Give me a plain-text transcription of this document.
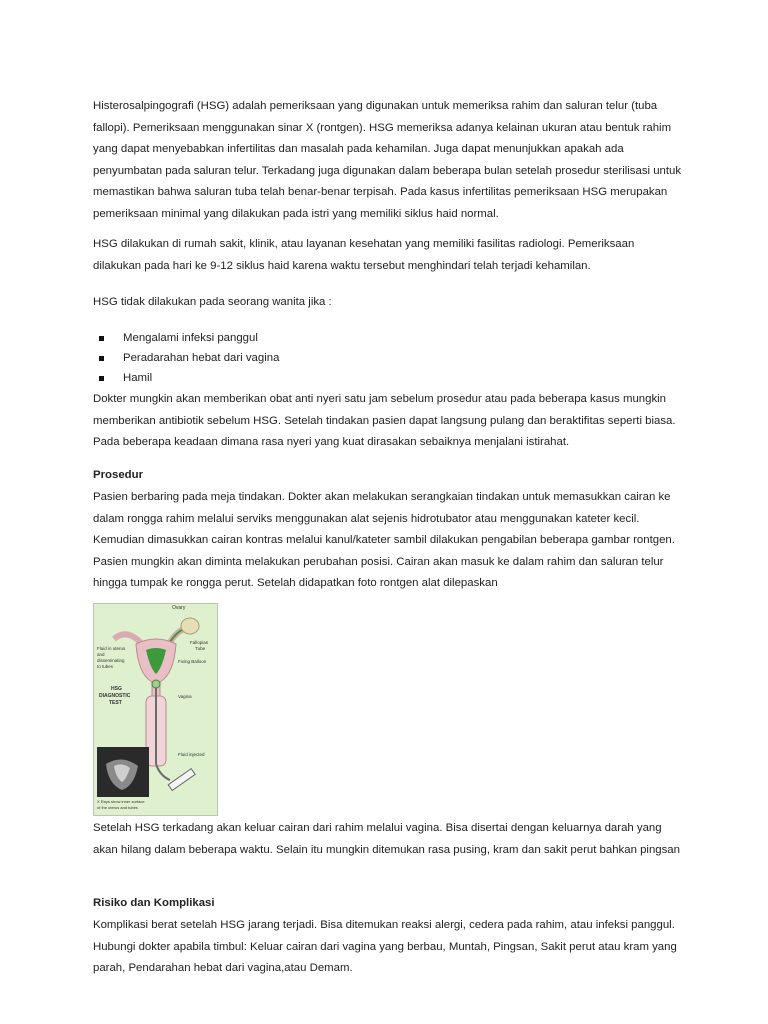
Histerosalpingografi (HSG) adalah pemeriksaan yang digunakan untuk memeriksa rahim dan saluran telur (tuba fallopi). Pemeriksaan menggunakan sinar X (rontgen). HSG memeriksa adanya kelainan ukuran atau bentuk rahim yang dapat menyebabkan infertilitas dan masalah pada kehamilan. Juga dapat menunjukkan apakah ada penyumbatan pada saluran telur. Terkadang juga digunakan dalam beberapa bulan setelah prosedur sterilisasi untuk memastikan bahwa saluran tuba telah benar-benar terpisah. Pada kasus infertilitas pemeriksaan HSG merupakan pemeriksaan minimal yang dilakukan pada istri yang memiliki siklus haid normal.

HSG dilakukan di rumah sakit, klinik, atau layanan kesehatan yang memiliki fasilitas radiologi. Pemeriksaan dilakukan pada hari ke 9-12 siklus haid karena waktu tersebut menghindari telah terjadi kehamilan.

HSG tidak dilakukan pada seorang wanita jika :

Mengalami infeksi panggul
Peradarahan hebat dari vagina
Hamil

Dokter mungkin akan memberikan obat anti nyeri satu jam sebelum prosedur atau pada beberapa kasus mungkin memberikan antibiotik sebelum HSG. Setelah tindakan pasien dapat langsung pulang dan beraktifitas seperti biasa. Pada beberapa keadaan dimana rasa nyeri yang kuat dirasakan sebaiknya menjalani istirahat.

Prosedur

Pasien berbaring pada meja tindakan. Dokter akan melakukan serangkaian tindakan untuk memasukkan cairan ke dalam rongga rahim melalui serviks menggunakan alat sejenis hidrotubator atau menggunakan kateter kecil. Kemudian dimasukkan cairan kontras melalui kanul/kateter sambil dilakukan pengabilan beberapa gambar rontgen. Pasien mungkin akan diminta melakukan perubahan posisi. Cairan akan masuk ke dalam rahim dan saluran telur hingga tumpak ke rongga perut. Setelah didapatkan foto rontgen alat dilepaskan

Ovary
Fallopian
Tube
Fluid in uterus
and
disseminating
to tubes
Fixing Balloon
HSG
DIAGNOSTIC
TEST
Vagina
Fluid injected
X Rays show inner surface
of the uterus and tubes

Setelah HSG terkadang akan keluar cairan dari rahim melalui vagina. Bisa disertai dengan keluarnya darah yang akan hilang dalam beberapa waktu. Selain itu mungkin ditemukan rasa pusing, kram dan sakit perut bahkan pingsan

Risiko dan Komplikasi

Komplikasi berat setelah HSG jarang terjadi. Bisa ditemukan reaksi alergi, cedera pada rahim, atau infeksi panggul. Hubungi dokter apabila timbul: Keluar cairan dari vagina yang berbau, Muntah, Pingsan, Sakit perut atau kram yang parah, Pendarahan hebat dari vagina,atau Demam.
